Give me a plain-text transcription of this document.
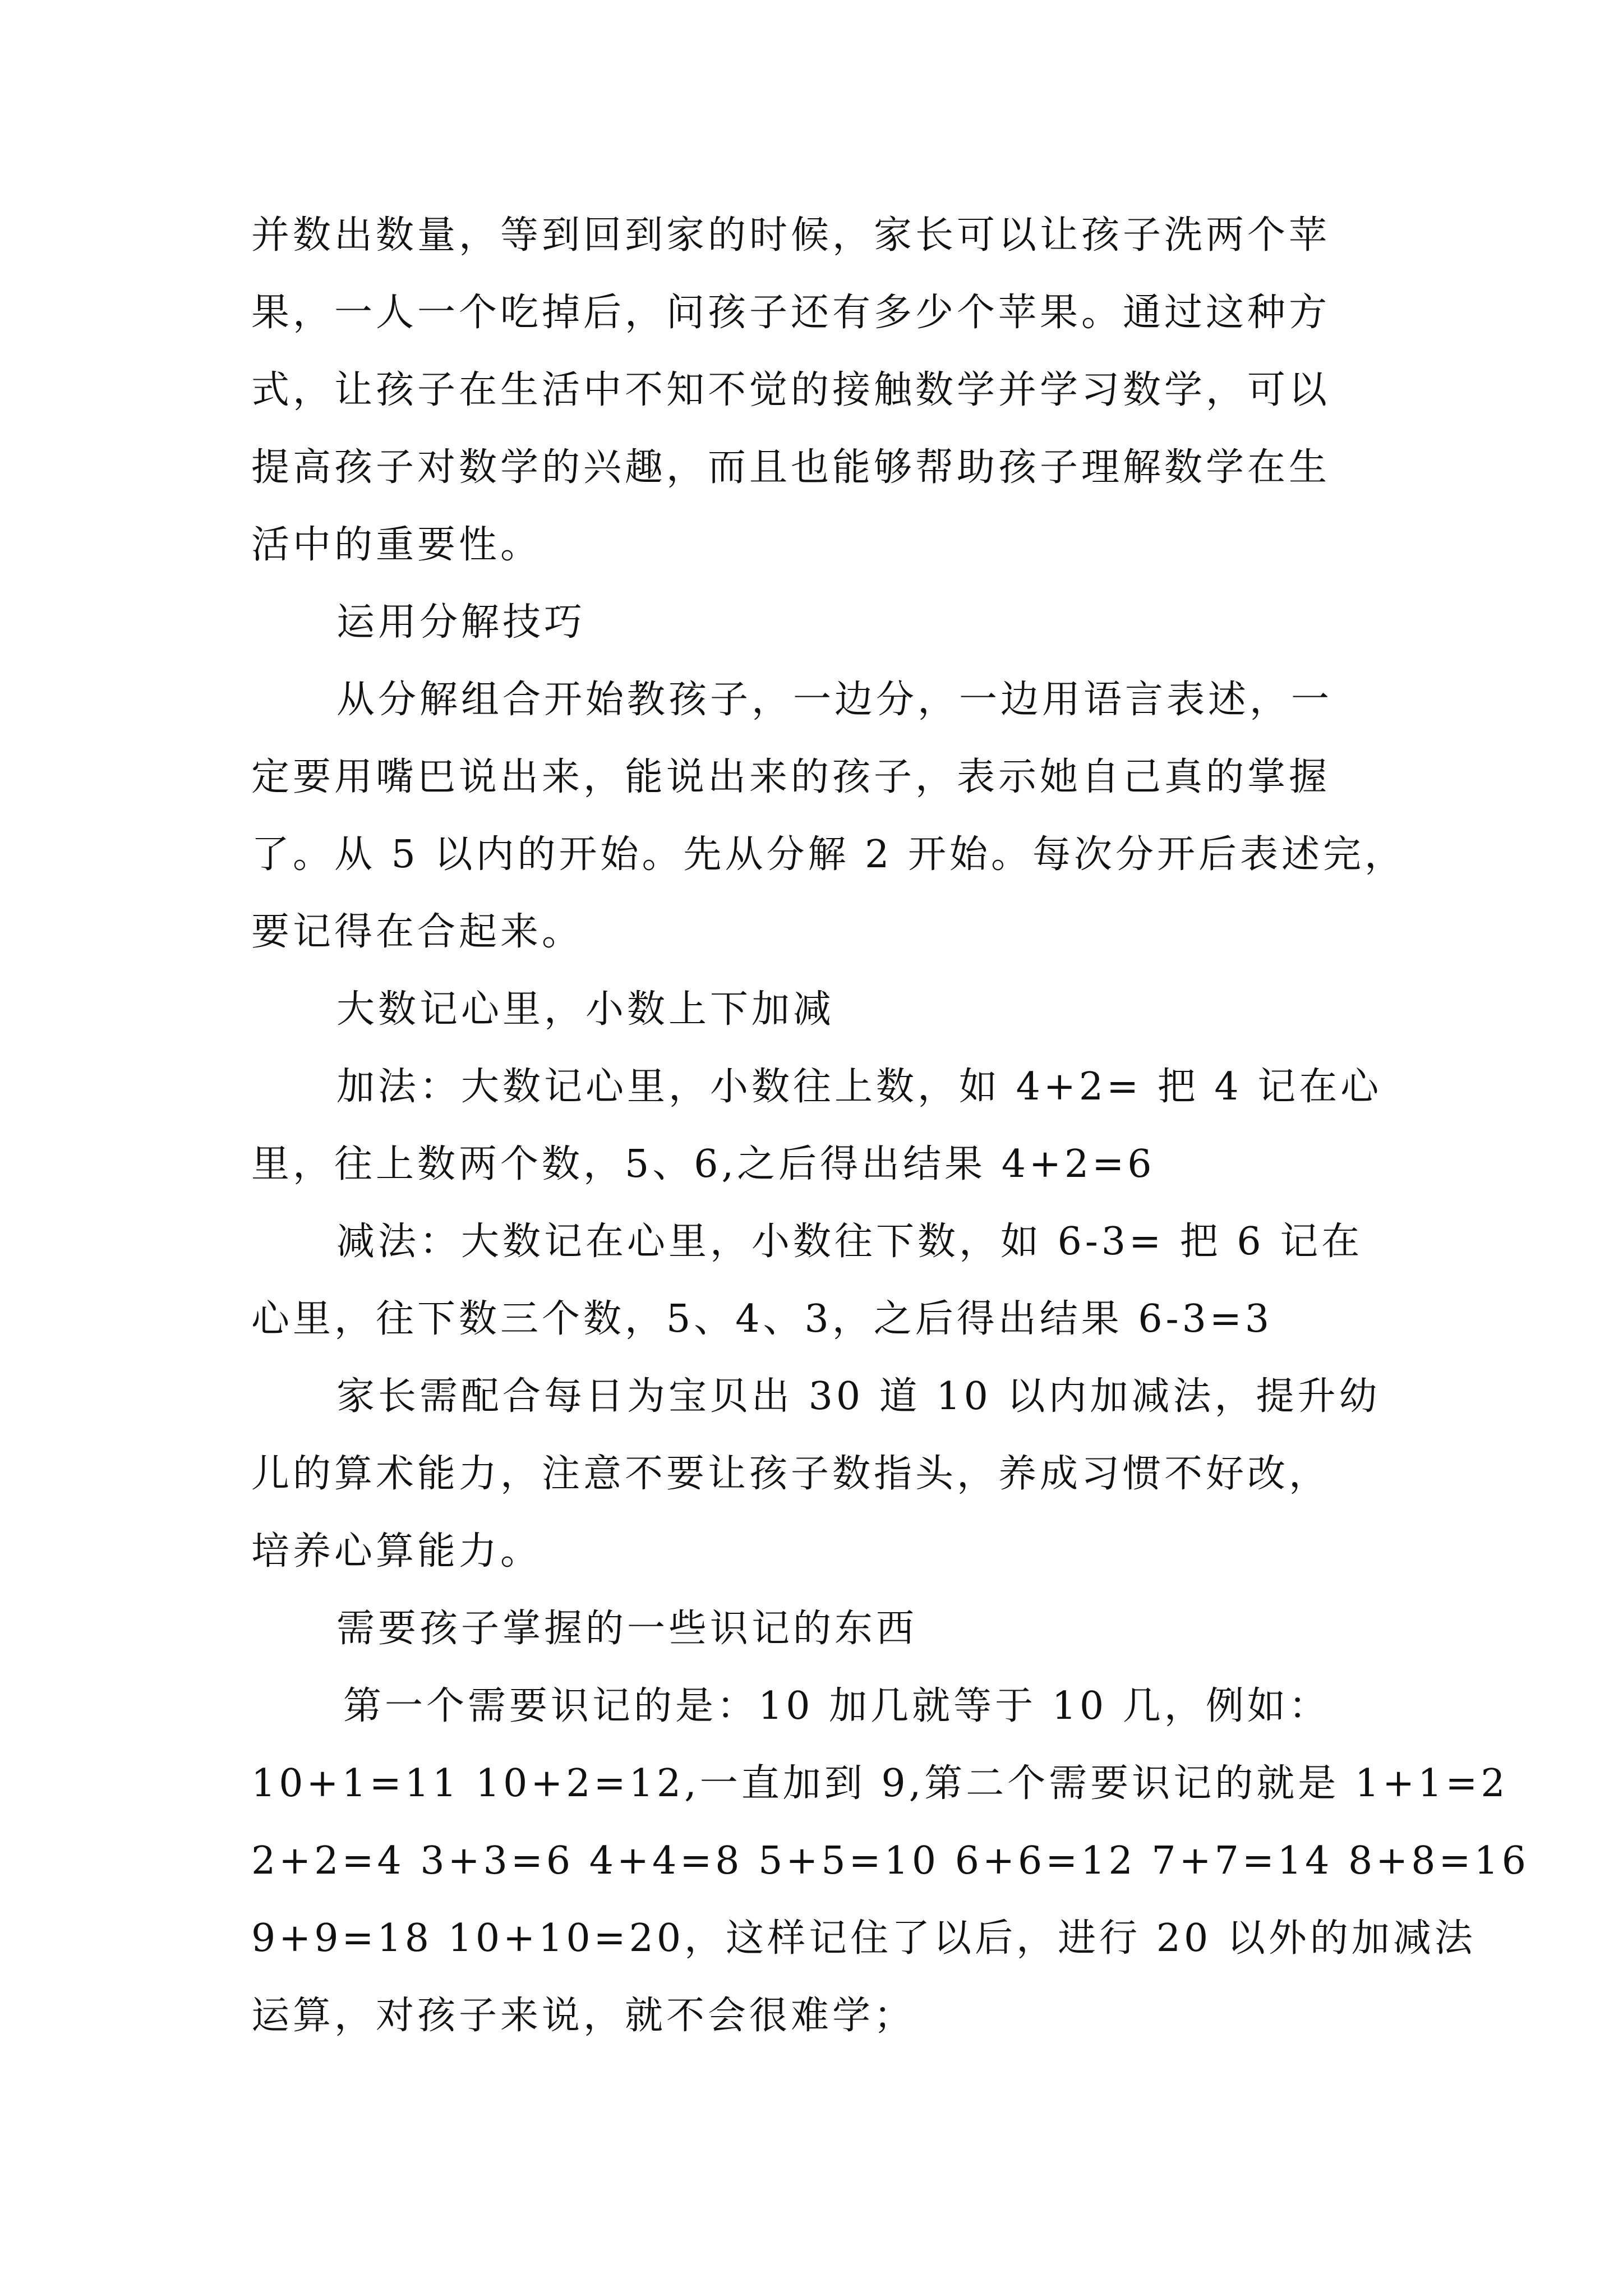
并数出数量，等到回到家的时候，家长可以让孩子洗两个苹
果，一人一个吃掉后，问孩子还有多少个苹果。通过这种方
式，让孩子在生活中不知不觉的接触数学并学习数学，可以
提高孩子对数学的兴趣，而且也能够帮助孩子理解数学在生
活中的重要性。
运用分解技巧
从分解组合开始教孩子，一边分，一边用语言表述，一
定要用嘴巴说出来，能说出来的孩子，表示她自己真的掌握
了。从 5 以内的开始。先从分解 2 开始。每次分开后表述完，
要记得在合起来。
大数记心里，小数上下加减
加法：大数记心里，小数往上数，如 4+2= 把 4 记在心
里，往上数两个数，5、6,之后得出结果 4+2=6
减法：大数记在心里，小数往下数，如 6-3= 把 6 记在
心里，往下数三个数，5、4、3，之后得出结果 6-3=3
家长需配合每日为宝贝出 30 道 10 以内加减法，提升幼
儿的算术能力，注意不要让孩子数指头，养成习惯不好改，
培养心算能力。
需要孩子掌握的一些识记的东西
第一个需要识记的是：10 加几就等于 10 几，例如：
10+1=11 10+2=12,一直加到 9,第二个需要识记的就是 1+1=2
2+2=4 3+3=6 4+4=8 5+5=10 6+6=12 7+7=14 8+8=16
9+9=18 10+10=20，这样记住了以后，进行 20 以外的加减法
运算，对孩子来说，就不会很难学；
